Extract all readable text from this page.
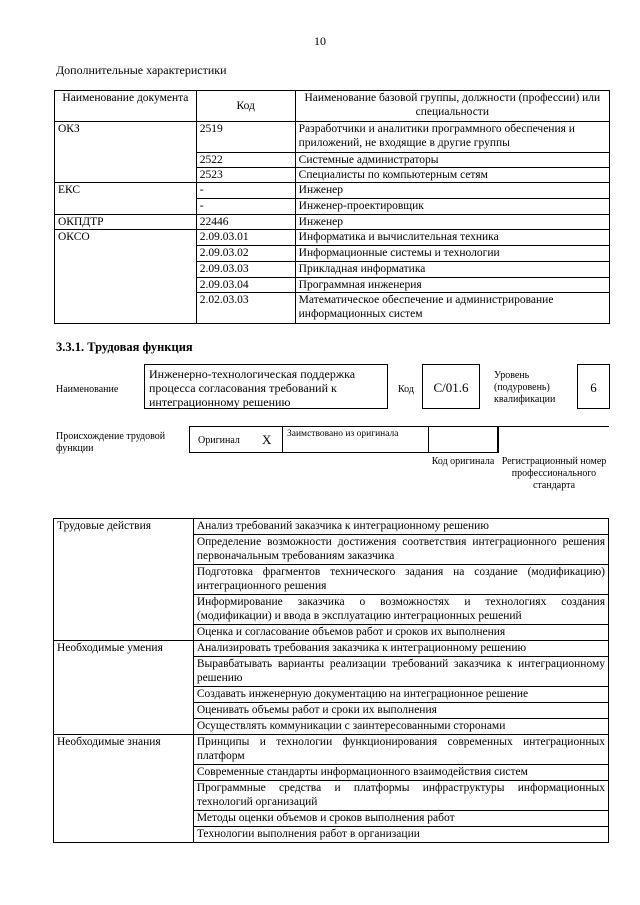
10
Дополнительные характеристики
Наименование документа	Код	Наименование базовой группы, должности (профессии) или специальности
ОКЗ	2519	Разработчики и аналитики программного обеспечения и приложений, не входящие в другие группы
	2522	Системные администраторы
	2523	Специалисты по компьютерным сетям
ЕКС	-	Инженер
	-	Инженер-проектировщик
ОКПДТР	22446	Инженер
ОКСО	2.09.03.01	Информатика и вычислительная техника
	2.09.03.02	Информационные системы и технологии
	2.09.03.03	Прикладная информатика
	2.09.03.04	Программная инженерия
	2.02.03.03	Математическое обеспечение и администрирование информационных систем
3.3.1. Трудовая функция
Наименование
Инженерно-технологическая поддержка процесса согласования требований к интеграционному решению
Код	С/01.6
Уровень (подуровень) квалификации
6
Происхождение трудовой функции
Оригинал X Заимствовано из оригинала
Код оригинала Регистрационный номер профессионального стандарта
Трудовые действия	Анализ требований заказчика к интеграционному решению
	Определение возможности достижения соответствия интеграционного решения первоначальным требованиям заказчика
	Подготовка фрагментов технического задания на создание (модификацию) интеграционного решения
	Информирование заказчика о возможностях и технологиях создания (модификации) и ввода в эксплуатацию интеграционных решений
	Оценка и согласование объемов работ и сроков их выполнения
Необходимые умения	Анализировать требования заказчика к интеграционному решению
	Выравбатывать варианты реализации требований заказчика к интеграционному решению
	Создавать инженерную документацию на интеграционное решение
	Оценивать объемы работ и сроки их выполнения
	Осуществлять коммуникации с заинтересованными сторонами
Необходимые знания	Принципы и технологии функционирования современных интеграционных платформ
	Современные стандарты информационного взаимодействия систем
	Программные средства и платформы инфраструктуры информационных технологий организаций
	Методы оценки объемов и сроков выполнения работ
	Технологии выполнения работ в организации
